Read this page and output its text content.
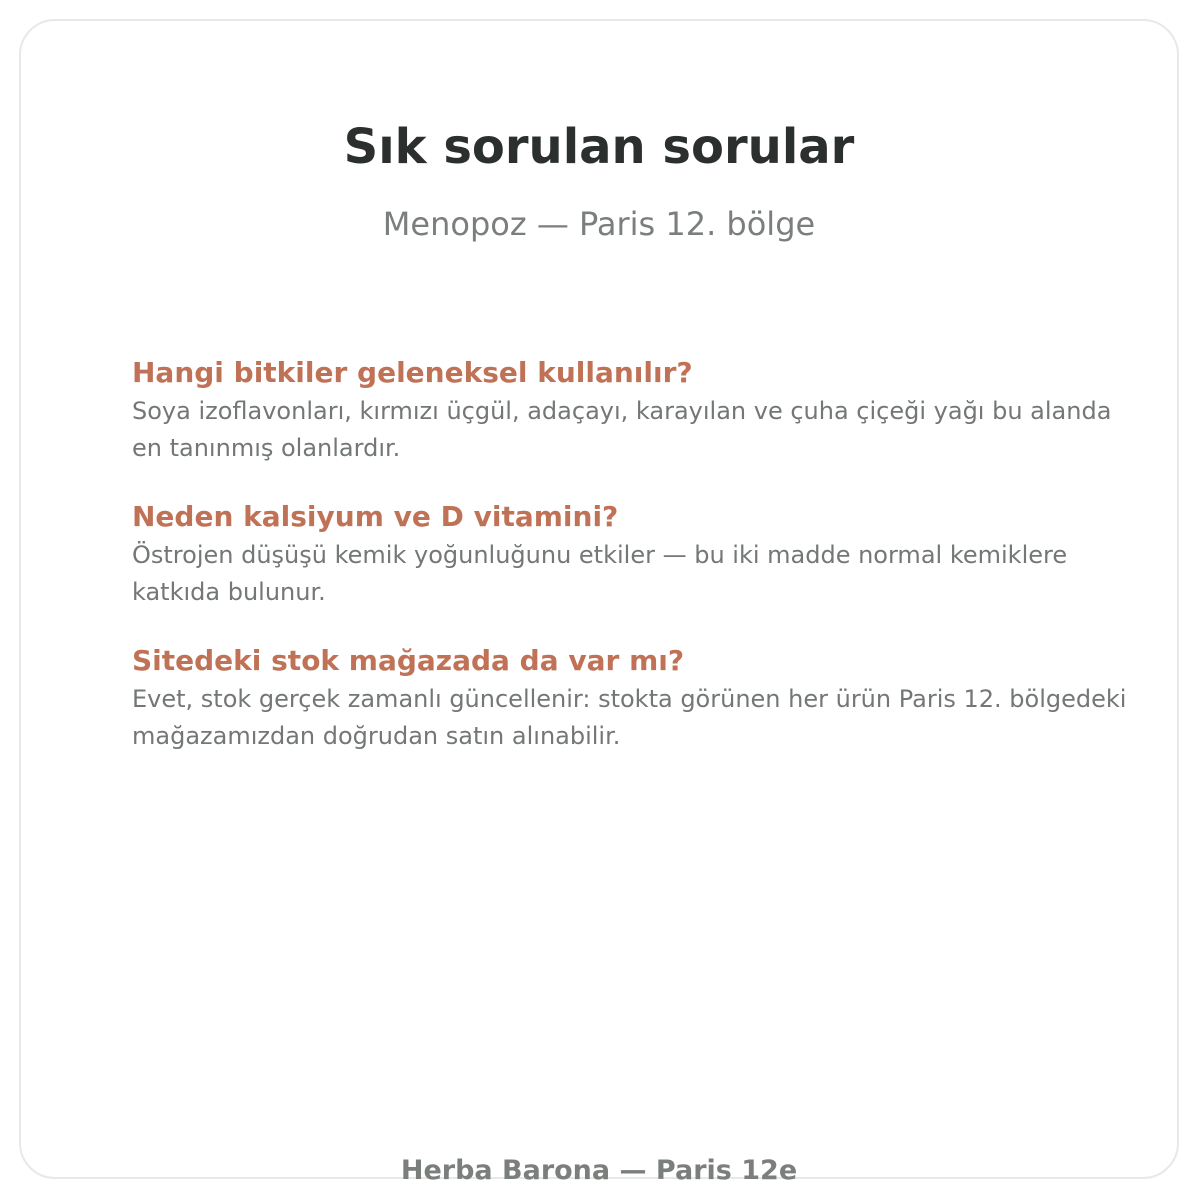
Sık sorulan sorular
Menopoz — Paris 12. bölge
Hangi bitkiler geleneksel kullanılır?
Soya izoflavonları, kırmızı üçgül, adaçayı, karayılan ve çuha çiçeği yağı bu alanda en tanınmış olanlardır.
Neden kalsiyum ve D vitamini?
Östrojen düşüşü kemik yoğunluğunu etkiler — bu iki madde normal kemiklere katkıda bulunur.
Sitedeki stok mağazada da var mı?
Evet, stok gerçek zamanlı güncellenir: stokta görünen her ürün Paris 12. bölgedeki mağazamızdan doğrudan satın alınabilir.
Herba Barona — Paris 12e
